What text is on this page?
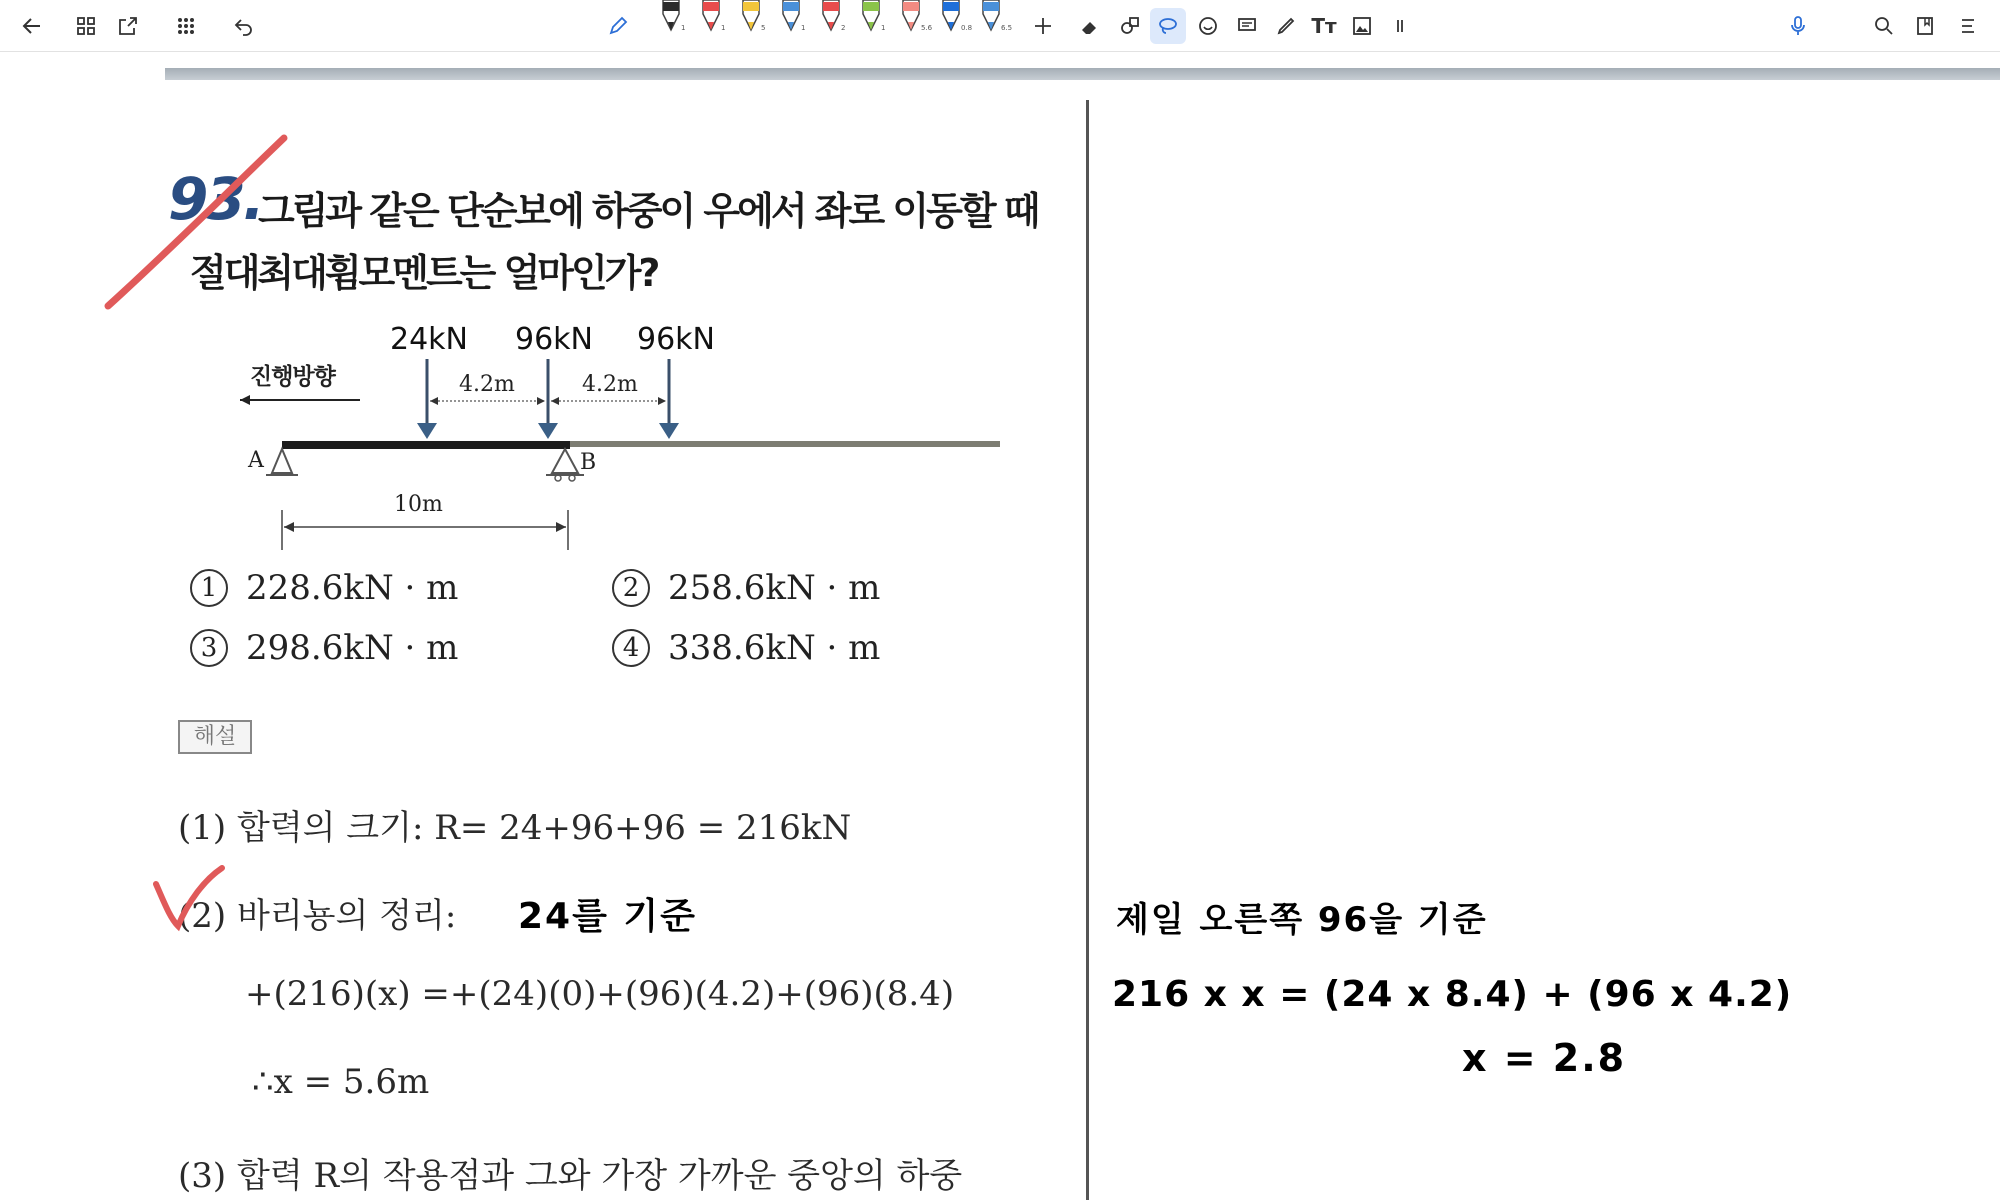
1	1	5	1	2	1	5.6	0.8	6.5	Tт
93.
그림과 같은 단순보에 하중이 우에서 좌로 이동할 때
절대최대휨모멘트는 얼마인가?
24kN 96kN 96kN
진행방향	4.2m	4.2m
A	B
10m
1 228.6kN · m	2 258.6kN · m
3 298.6kN · m	4 338.6kN · m
해설
(1) 합력의 크기: R= 24+96+96 = 216kN
(2) 바리뇽의 정리:
+(216)(x) =+(24)(0)+(96)(4.2)+(96)(8.4)
∴x = 5.6m
(3) 합력 R의 작용점과 그와 가장 가까운 중앙의 하중
24를 기준	제일 오른쪽 96을 기준
216 x x = (24 x 8.4) + (96 x 4.2)
x = 2.8
